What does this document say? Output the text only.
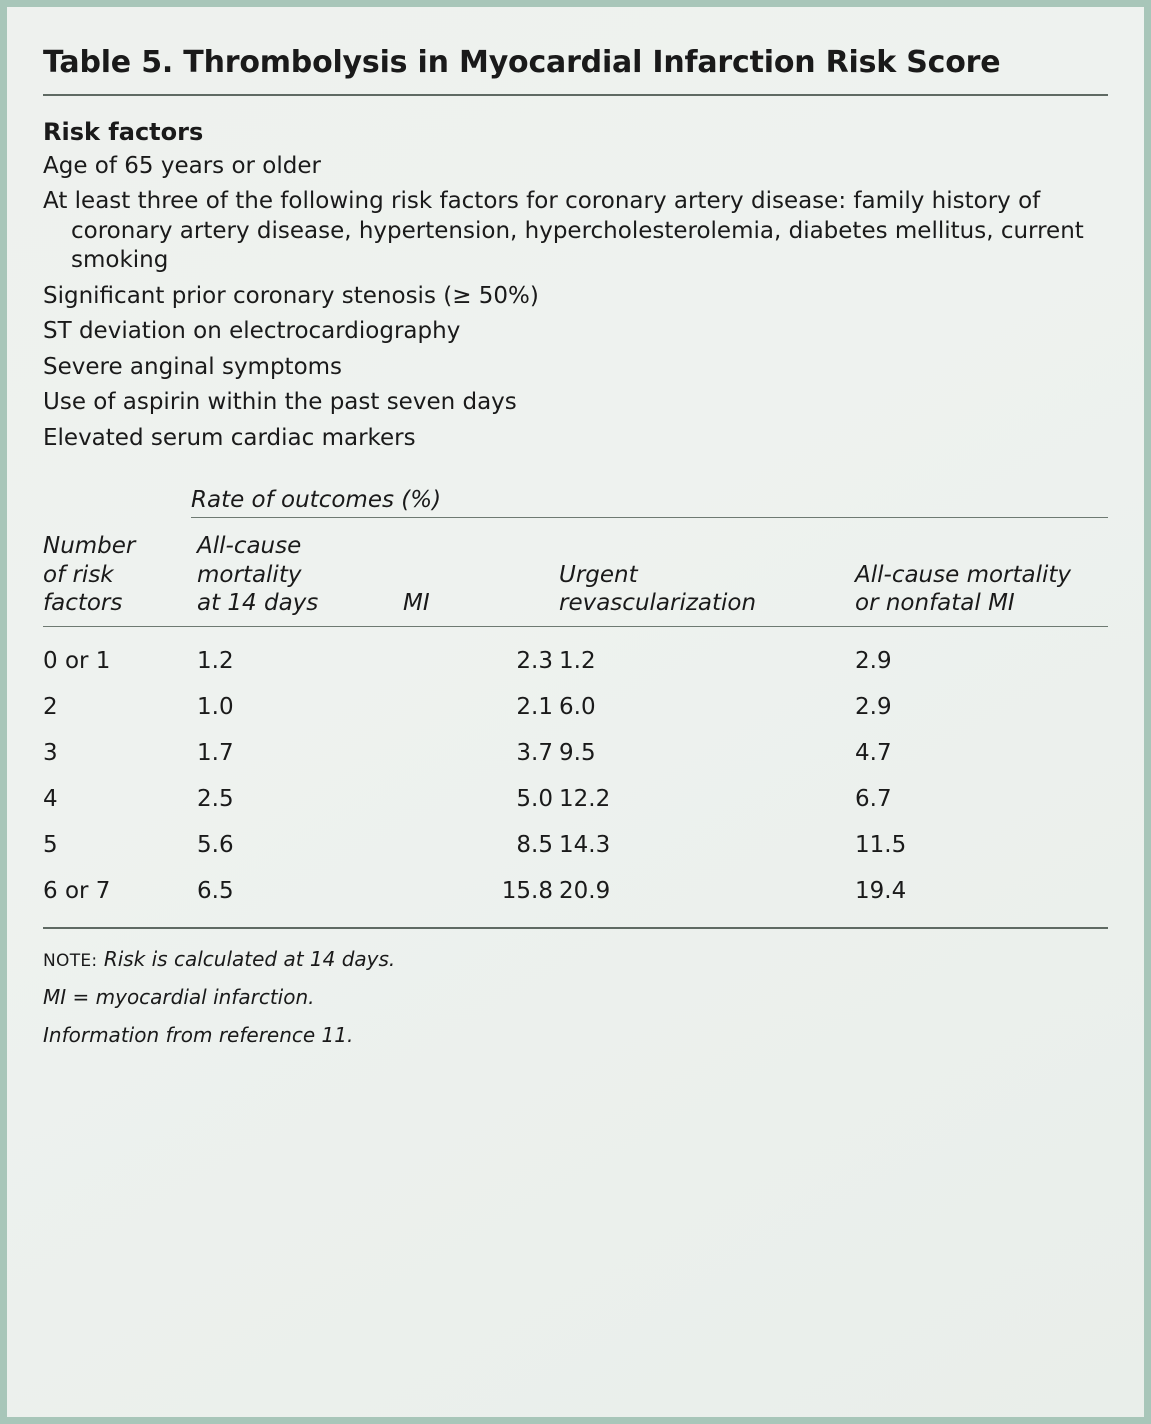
Table 5. Thrombolysis in Myocardial Infarction Risk Score
Risk factors
Age of 65 years or older
At least three of the following risk factors for coronary artery disease: family history of coronary artery disease, hypertension, hypercholesterolemia, diabetes mellitus, current smoking
Significant prior coronary stenosis (≥ 50%)
ST deviation on electrocardiography
Severe anginal symptoms
Use of aspirin within the past seven days
Elevated serum cardiac markers
Rate of outcomes (%)
Number
of risk
factors	All-cause
mortality
at 14 days	MI	Urgent
revascularization	All-cause mortality
or nonfatal MI
0 or 1	1.2	2.3	1.2	2.9
2	1.0	2.1	6.0	2.9
3	1.7	3.7	9.5	4.7
4	2.5	5.0	12.2	6.7
5	5.6	8.5	14.3	11.5
6 or 7	6.5	15.8	20.9	19.4
NOTE: Risk is calculated at 14 days.
MI = myocardial infarction.
Information from reference 11.
